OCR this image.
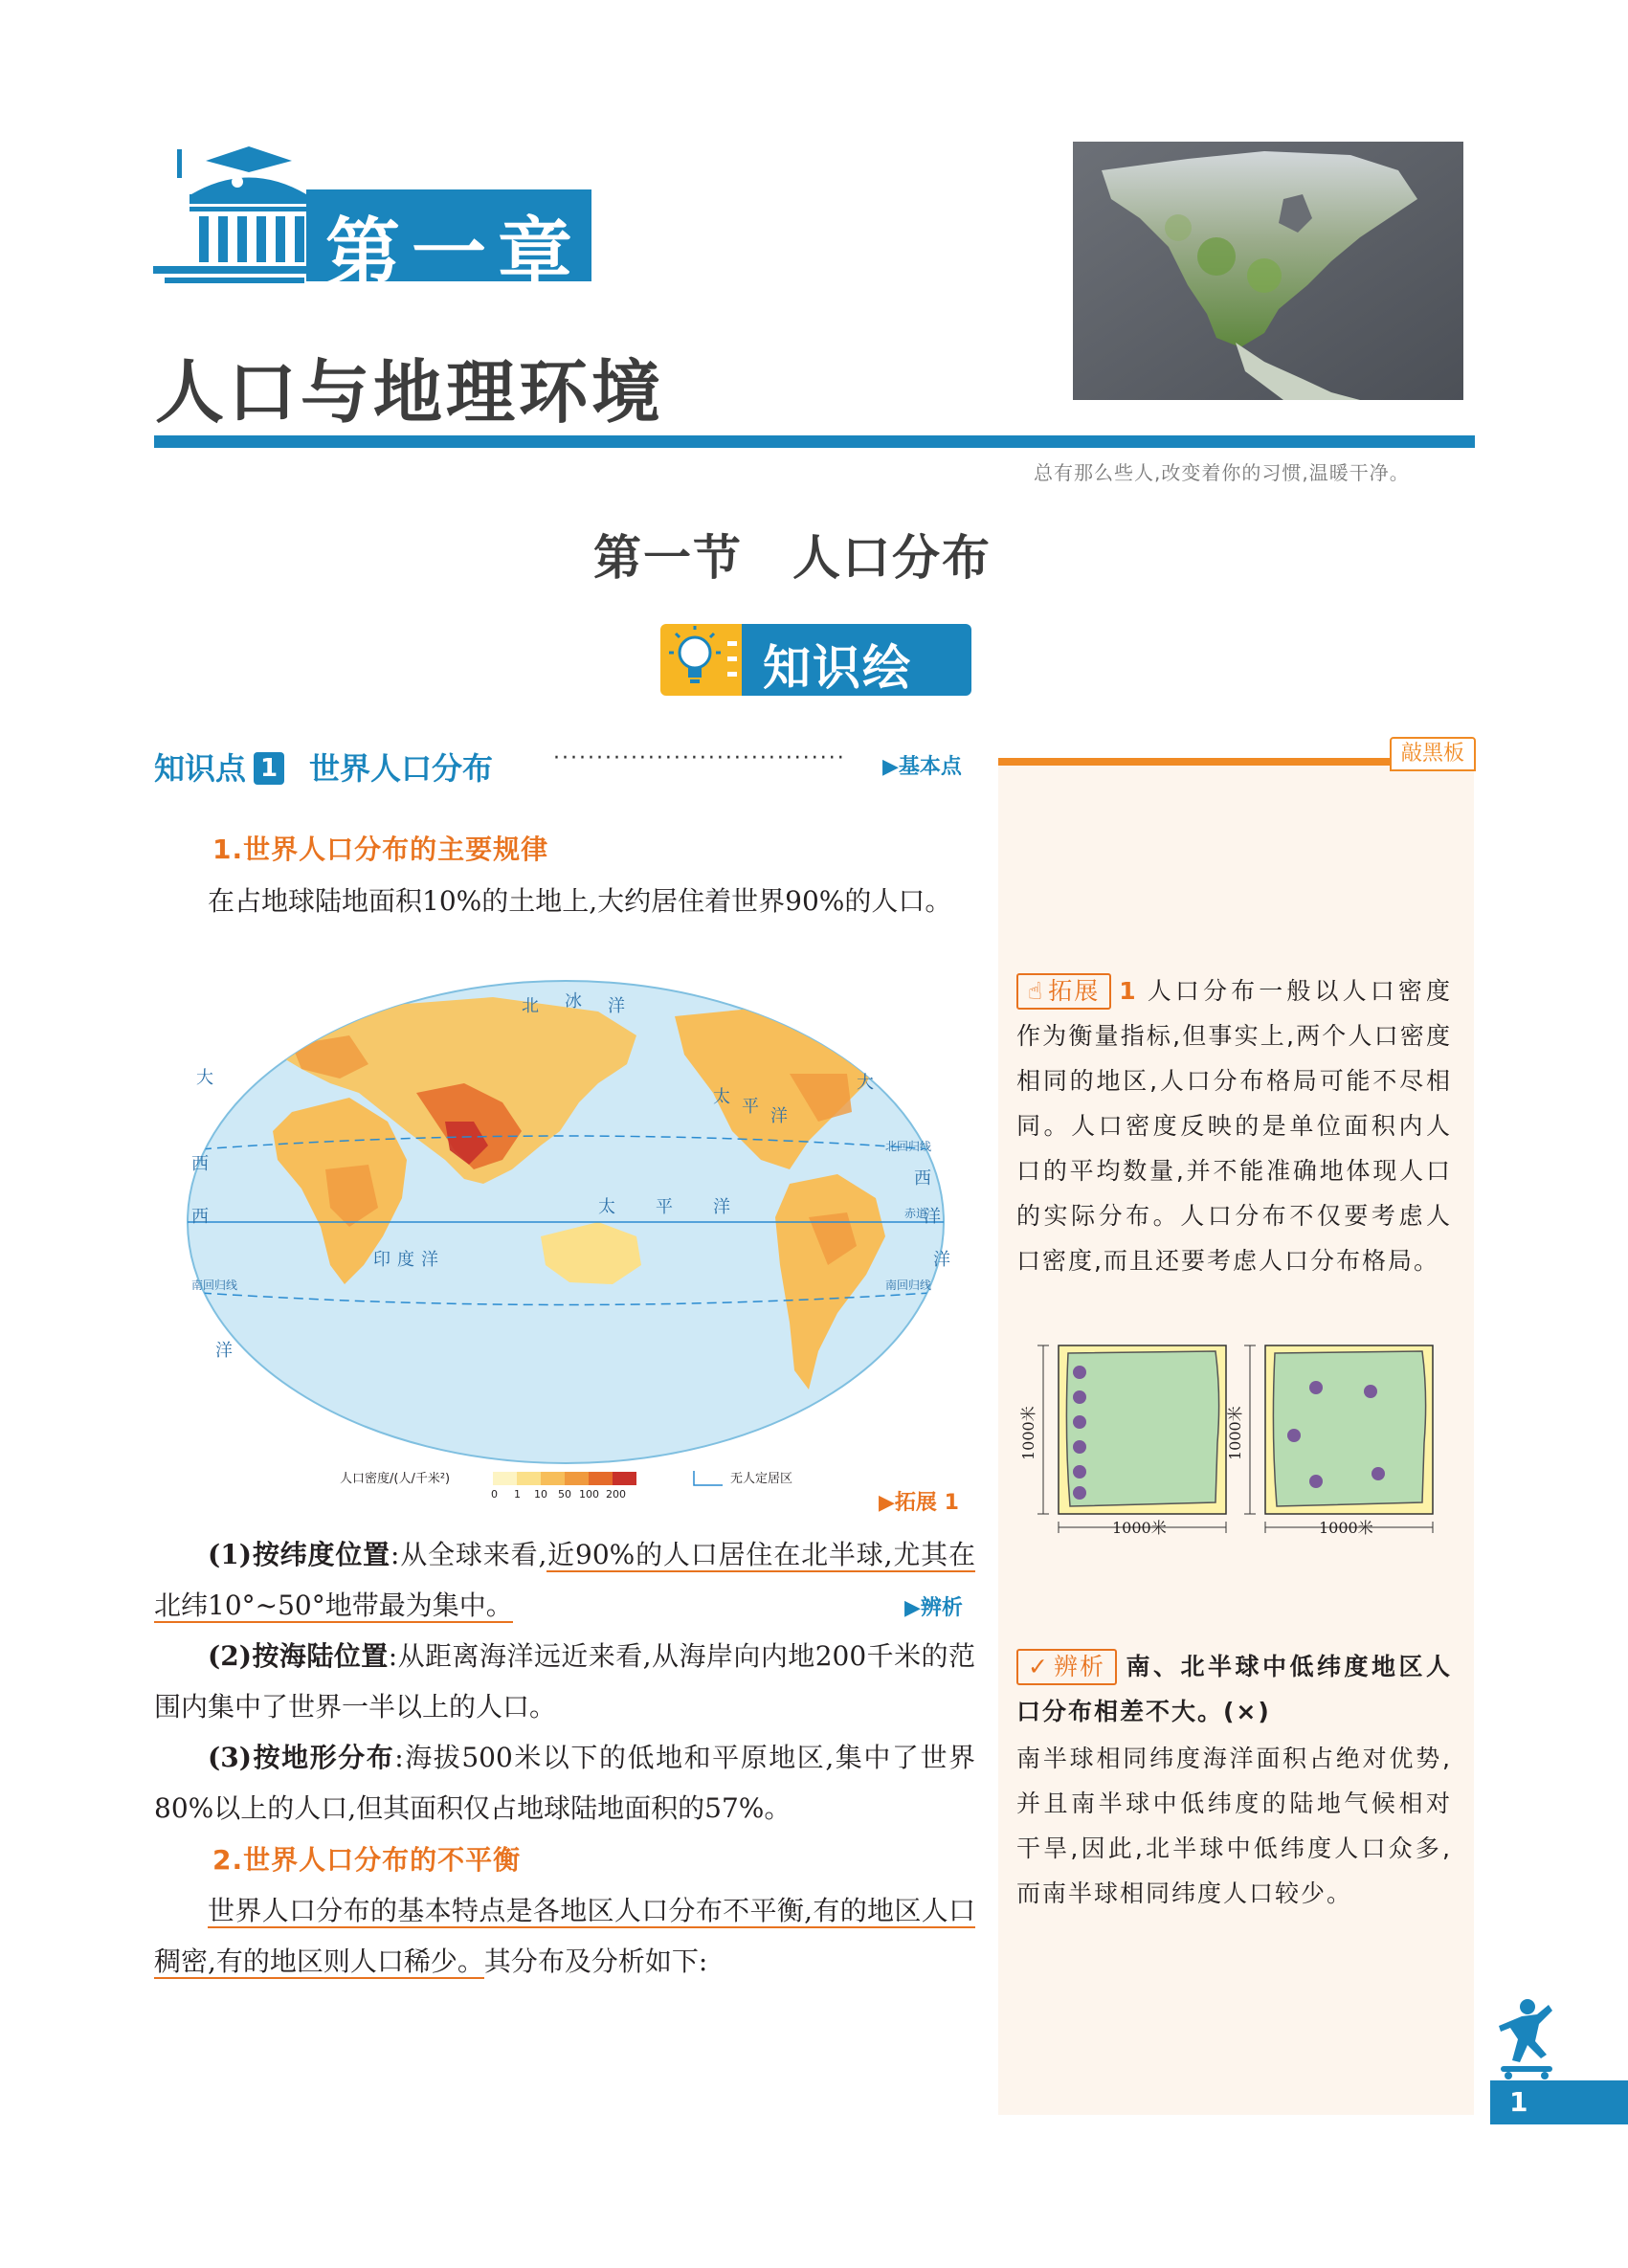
第一章
人口与地理环境
总有那么些人,改变着你的习惯,温暖干净。
第一节　人口分布
知识绘
敲黑板
知识点 1 世界人口分布	··································	▶基本点
1.世界人口分布的主要规律
在占地球陆地面积10%的土地上,大约居住着世界90%的人口。
北 冰 洋
太 平 洋
大
西
洋
印 度 洋
大
西
洋
太 平 洋
北回归线
赤道
南回归线	南回归线
西
洋
人口密度/(人/千米²)
0 1 10 50 100 200
无人定居区
▶拓展 1
(1)按纬度位置:从全球来看,近90%的人口居住在北半球,尤其在北纬10°~50°地带最为集中。	▶辨析
(2)按海陆位置:从距离海洋远近来看,从海岸向内地200千米的范围内集中了世界一半以上的人口。
(3)按地形分布:海拔500米以下的低地和平原地区,集中了世界80%以上的人口,但其面积仅占地球陆地面积的57%。
2.世界人口分布的不平衡
世界人口分布的基本特点是各地区人口分布不平衡,有的地区人口稠密,有的地区则人口稀少。其分布及分析如下:
☝ 拓展 1 人口分布一般以人口密度作为衡量指标,但事实上,两个人口密度相同的地区,人口分布格局可能不尽相同。人口密度反映的是单位面积内人口的平均数量,并不能准确地体现人口的实际分布。人口分布不仅要考虑人口密度,而且还要考虑人口分布格局。
1000米
1000米
1000米
1000米
✓ 辨析 南、北半球中低纬度地区人口分布相差不大。(×)
南半球相同纬度海洋面积占绝对优势,并且南半球中低纬度的陆地气候相对干旱,因此,北半球中低纬度人口众多,而南半球相同纬度人口较少。
1
